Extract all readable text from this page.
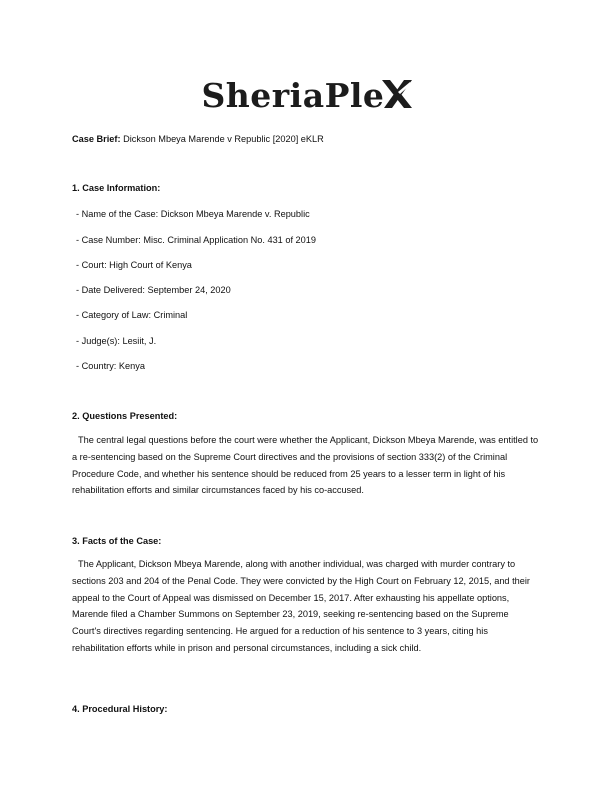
SheriaPle
Case Brief: Dickson Mbeya Marende v Republic [2020] eKLR
1. Case Information:
- Name of the Case: Dickson Mbeya Marende v. Republic
- Case Number: Misc. Criminal Application No. 431 of 2019
- Court: High Court of Kenya
- Date Delivered: September 24, 2020
- Category of Law: Criminal
- Judge(s): Lesiit, J.
- Country: Kenya
2. Questions Presented:

The central legal questions before the court were whether the Applicant, Dickson Mbeya Marende, was entitled to a re-sentencing based on the Supreme Court directives and the provisions of section 333(2) of the Criminal Procedure Code, and whether his sentence should be reduced from 25 years to a lesser term in light of his rehabilitation efforts and similar circumstances faced by his co-accused.

3. Facts of the Case:

The Applicant, Dickson Mbeya Marende, along with another individual, was charged with murder contrary to sections 203 and 204 of the Penal Code. They were convicted by the High Court on February 12, 2015, and their appeal to the Court of Appeal was dismissed on December 15, 2017. After exhausting his appellate options, Marende filed a Chamber Summons on September 23, 2019, seeking re-sentencing based on the Supreme Court's directives regarding sentencing. He argued for a reduction of his sentence to 3 years, citing his rehabilitation efforts while in prison and personal circumstances, including a sick child.

4. Procedural History:
